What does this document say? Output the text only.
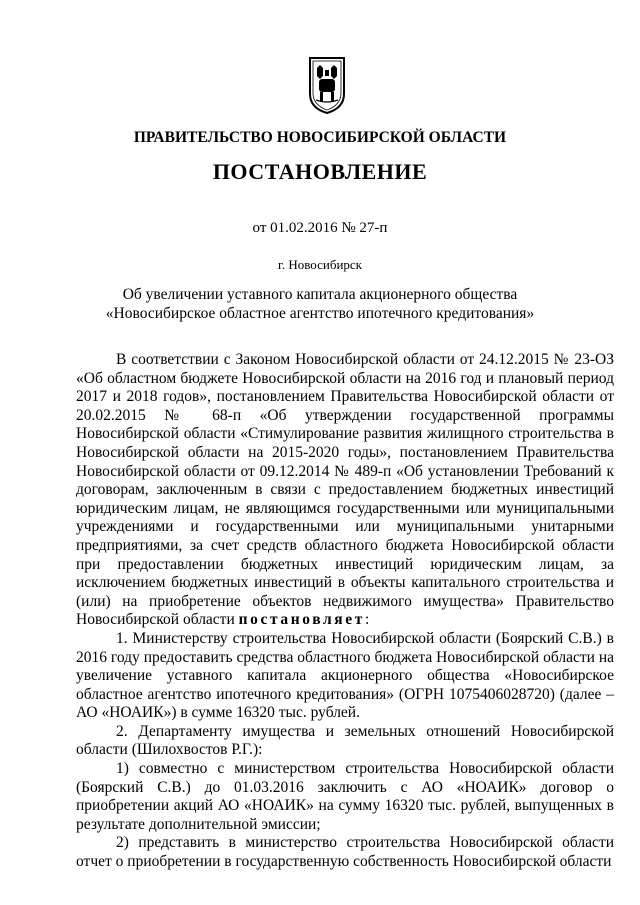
ПРАВИТЕЛЬСТВО НОВОСИБИРСКОЙ ОБЛАСТИ
ПОСТАНОВЛЕНИЕ
от 01.02.2016 № 27-п
г. Новосибирск
Об увеличении уставного капитала акционерного общества
«Новосибирское областное агентство ипотечного кредитования»

В соответствии с Законом Новосибирской области от 24.12.2015 № 23-ОЗ «Об областном бюджете Новосибирской области на 2016 год и плановый период 2017 и 2018 годов», постановлением Правительства Новосибирской области от 20.02.2015 № 68-п «Об утверждении государственной программы Новосибирской области «Стимулирование развития жилищного строительства в Новосибирской области на 2015-2020 годы», постановлением Правительства Новосибирской области от 09.12.2014 № 489-п «Об установлении Требований к договорам, заключенным в связи с предоставлением бюджетных инвестиций юридическим лицам, не являющимся государственными или муниципальными учреждениями и государственными или муниципальными унитарными предприятиями, за счет средств областного бюджета Новосибирской области при предоставлении бюджетных инвестиций юридическим лицам, за исключением бюджетных инвестиций в объекты капитального строительства и (или) на приобретение объектов недвижимого имущества» Правительство Новосибирской области постановляет:

1. Министерству строительства Новосибирской области (Боярский С.В.) в 2016 году предоставить средства областного бюджета Новосибирской области на увеличение уставного капитала акционерного общества «Новосибирское областное агентство ипотечного кредитования» (ОГРН 1075406028720) (далее – АО «НОАИК») в сумме 16320 тыс. рублей.

2. Департаменту имущества и земельных отношений Новосибирской области (Шилохвостов Р.Г.):

1) совместно с министерством строительства Новосибирской области (Боярский С.В.) до 01.03.2016 заключить с АО «НОАИК» договор о приобретении акций АО «НОАИК» на сумму 16320 тыс. рублей, выпущенных в результате дополнительной эмиссии;

2) представить в министерство строительства Новосибирской области отчет о приобретении в государственную собственность Новосибирской области
